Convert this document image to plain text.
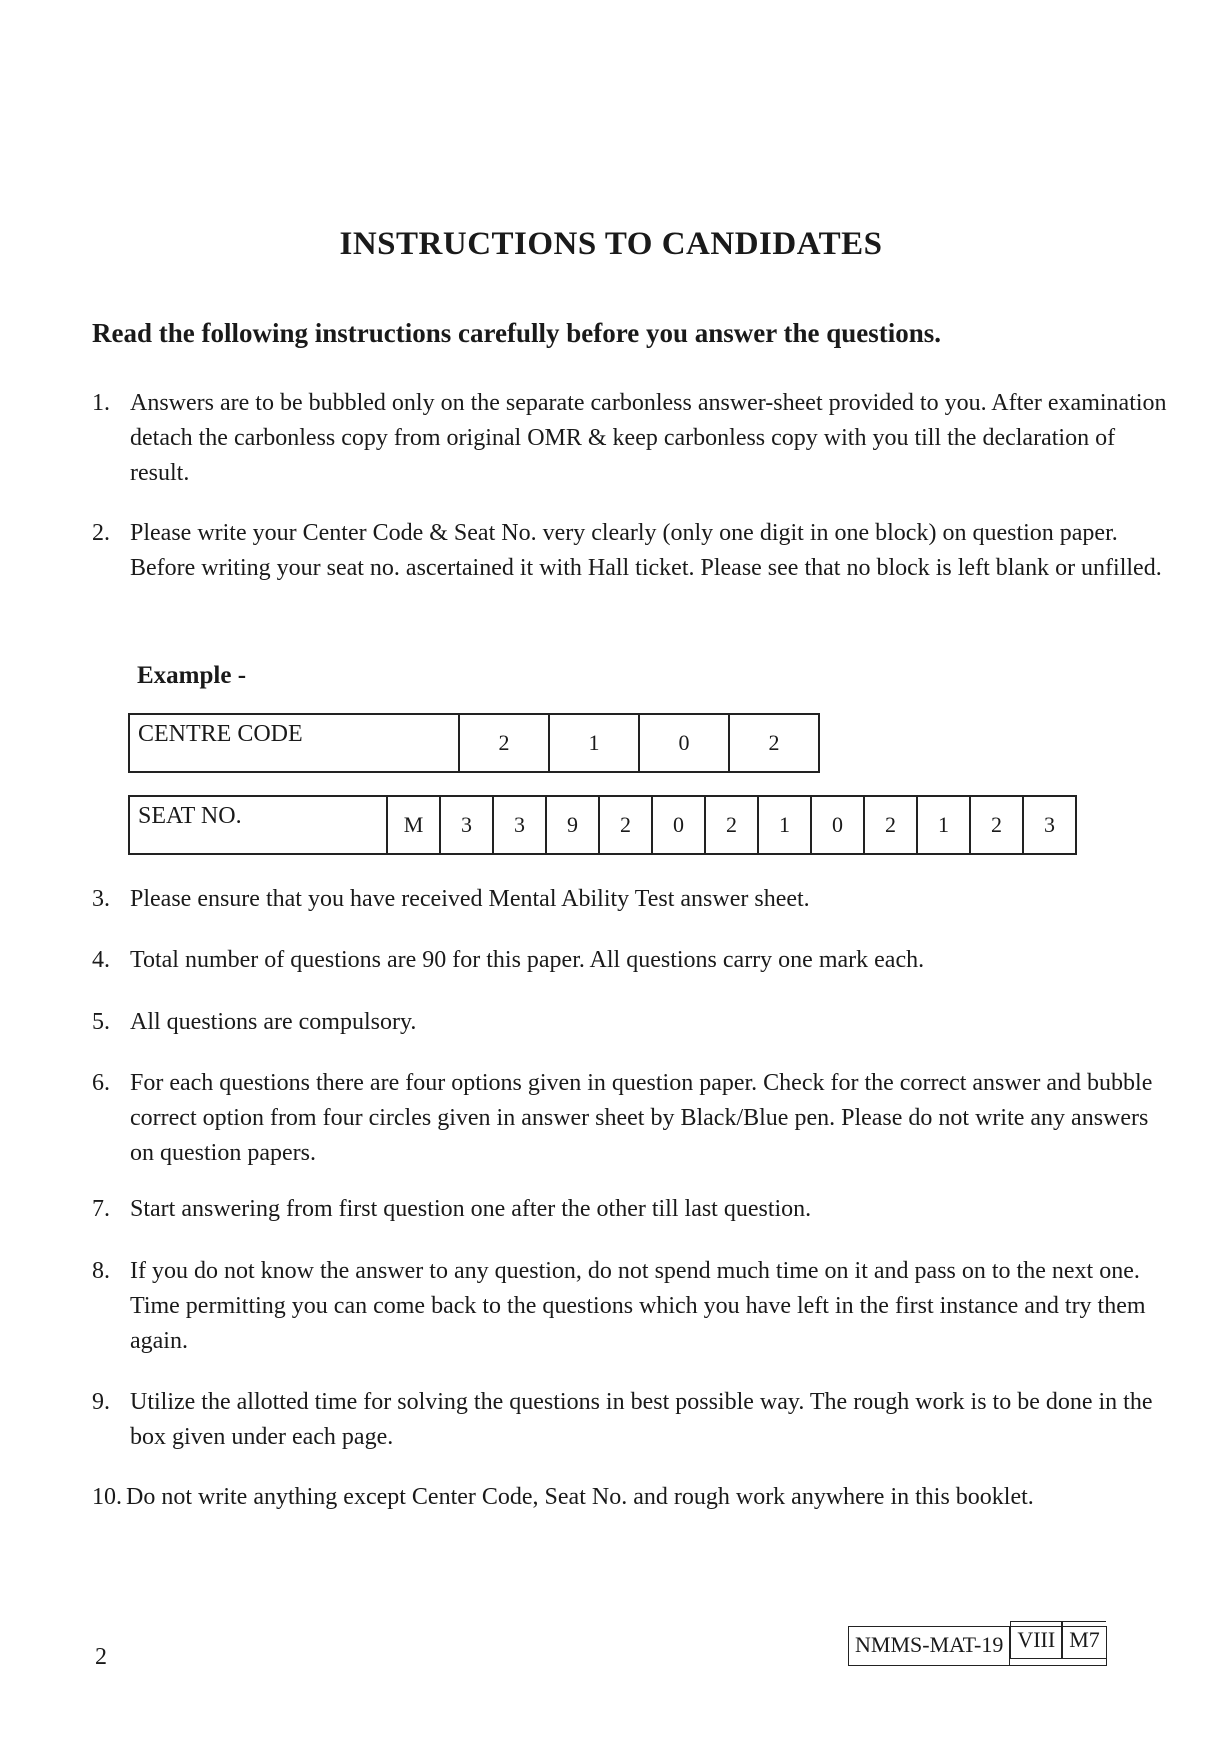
INSTRUCTIONS TO CANDIDATES
Read the following instructions carefully before you answer the questions.
1. Answers are to be bubbled only on the separate carbonless answer-sheet provided to you. After examination detach the carbonless copy from original OMR & keep carbonless copy with you till the declaration of result.
2. Please write your Center Code & Seat No. very clearly (only one digit in one block) on question paper. Before writing your seat no. ascertained it with Hall ticket. Please see that no block is left blank or unfilled.
Example -
CENTRE CODE	2	1	0	2
SEAT NO.	M	3	3	9	2	0	2	1	0	2	1	2	3
3. Please ensure that you have received Mental Ability Test answer sheet.
4. Total number of questions are 90 for this paper. All questions carry one mark each.
5. All questions are compulsory.
6. For each questions there are four options given in question paper. Check for the correct answer and bubble correct option from four circles given in answer sheet by Black/Blue pen. Please do not write any answers on question papers.
7. Start answering from first question one after the other till last question.
8. If you do not know the answer to any question, do not spend much time on it and pass on to the next one. Time permitting you can come back to the questions which you have left in the first instance and try them again.
9. Utilize the allotted time for solving the questions in best possible way. The rough work is to be done in the box given under each page.
10. Do not write anything except Center Code, Seat No. and rough work anywhere in this booklet.
2	NMMS-MAT-19 VIII M7
